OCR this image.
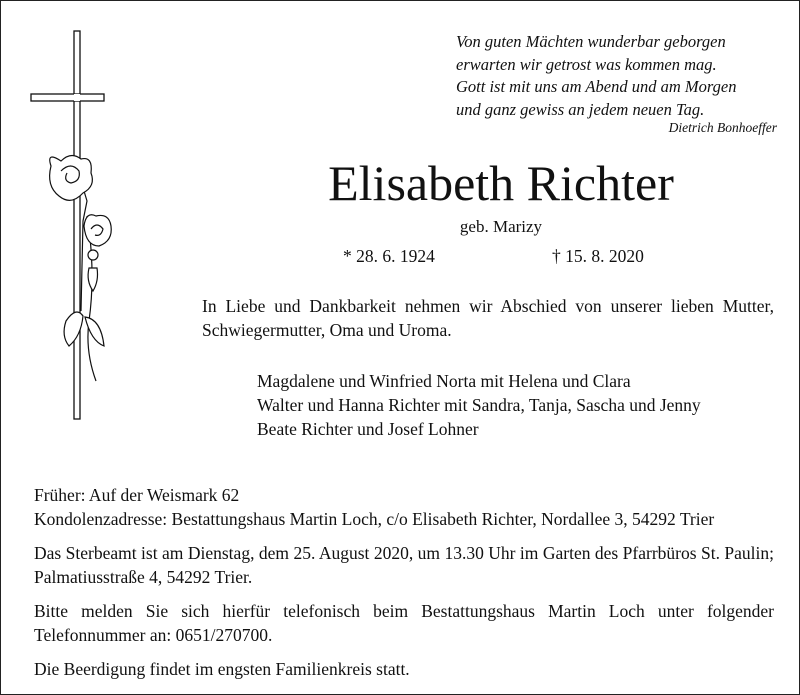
Von guten Mächten wunderbar geborgen
erwarten wir getrost was kommen mag.
Gott ist mit uns am Abend und am Morgen
und ganz gewiss an jedem neuen Tag.
Dietrich Bonhoeffer
Elisabeth Richter
geb. Marizy
* 28. 6. 1924	† 15. 8. 2020
In Liebe und Dankbarkeit nehmen wir Abschied von unserer lieben Mutter, Schwiegermutter, Oma und Uroma.
Magdalene und Winfried Norta mit Helena und Clara
Walter und Hanna Richter mit Sandra, Tanja, Sascha und Jenny
Beate Richter und Josef Lohner

Früher: Auf der Weismark 62

Kondolenzadresse: Bestattungshaus Martin Loch, c/o Elisabeth Richter, Nordallee 3, 54292 Trier

Das Sterbeamt ist am Dienstag, dem 25. August 2020, um 13.30 Uhr im Garten des Pfarrbüros St. Paulin; Palmatiusstraße 4, 54292 Trier.

Bitte melden Sie sich hierfür telefonisch beim Bestattungshaus Martin Loch unter folgender Telefonnummer an: 0651/270700.

Die Beerdigung findet im engsten Familienkreis statt.
